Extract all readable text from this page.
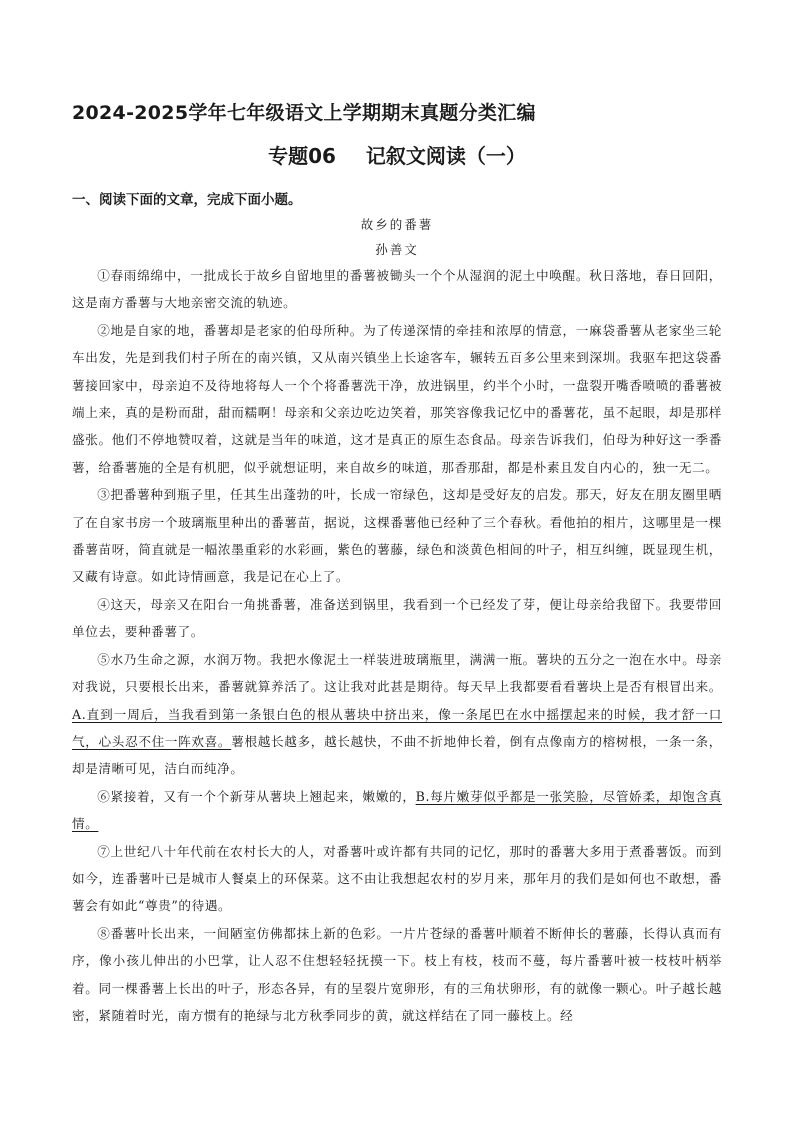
2024-2025学年七年级语文上学期期末真题分类汇编
专题06 记叙文阅读（一）
一、阅读下面的文章，完成下面小题。
故乡的番薯
孙善文

①春雨绵绵中，一批成长于故乡自留地里的番薯被锄头一个个从湿润的泥土中唤醒。秋日落地，春日回阳，这是南方番薯与大地亲密交流的轨迹。

②地是自家的地，番薯却是老家的伯母所种。为了传递深情的牵挂和浓厚的情意，一麻袋番薯从老家坐三轮车出发，先是到我们村子所在的南兴镇，又从南兴镇坐上长途客车，辗转五百多公里来到深圳。我驱车把这袋番薯接回家中，母亲迫不及待地将每人一个个将番薯洗干净，放进锅里，约半个小时，一盘裂开嘴香喷喷的番薯被端上来，真的是粉而甜，甜而糯啊！母亲和父亲边吃边笑着，那笑容像我记忆中的番薯花，虽不起眼，却是那样盛张。他们不停地赞叹着，这就是当年的味道，这才是真正的原生态食品。母亲告诉我们，伯母为种好这一季番薯，给番薯施的全是有机肥，似乎就想证明，来自故乡的味道，那香那甜，都是朴素且发自内心的，独一无二。

③把番薯种到瓶子里，任其生出蓬勃的叶，长成一帘绿色，这却是受好友的启发。那天，好友在朋友圈里晒了在自家书房一个玻璃瓶里种出的番薯苗，据说，这棵番薯他已经种了三个春秋。看他拍的相片，这哪里是一棵番薯苗呀，简直就是一幅浓墨重彩的水彩画，紫色的薯藤，绿色和淡黄色相间的叶子，相互纠缠，既显现生机，又藏有诗意。如此诗情画意，我是记在心上了。

④这天，母亲又在阳台一角挑番薯，准备送到锅里，我看到一个已经发了芽，便让母亲给我留下。我要带回单位去，要种番薯了。

⑤水乃生命之源，水润万物。我把水像泥土一样装进玻璃瓶里，满满一瓶。薯块的五分之一泡在水中。母亲对我说，只要根长出来，番薯就算养活了。这让我对此甚是期待。每天早上我都要看看薯块上是否有根冒出来。A.直到一周后，当我看到第一条银白色的根从薯块中挤出来，像一条尾巴在水中摇摆起来的时候，我才舒一口气，心头忍不住一阵欢喜。薯根越长越多，越长越快，不曲不折地伸长着，倒有点像南方的榕树根，一条一条，却是清晰可见，洁白而纯净。

⑥紧接着，又有一个个新芽从薯块上翘起来，嫩嫩的，B.每片嫩芽似乎都是一张笑脸，尽管娇柔，却饱含真情。

⑦上世纪八十年代前在农村长大的人，对番薯叶或许都有共同的记忆，那时的番薯大多用于煮番薯饭。而到如今，连番薯叶已是城市人餐桌上的环保菜。这不由让我想起农村的岁月来，那年月的我们是如何也不敢想，番薯会有如此“尊贵”的待遇。

⑧番薯叶长出来，一间陋室仿佛都抹上新的色彩。一片片苍绿的番薯叶顺着不断伸长的薯藤，长得认真而有序，像小孩儿伸出的小巴掌，让人忍不住想轻轻抚摸一下。枝上有枝，枝而不蔓，每片番薯叶被一枝枝叶柄举着。同一棵番薯上长出的叶子，形态各异，有的呈裂片宽卵形，有的三角状卵形，有的就像一颗心。叶子越长越密，紧随着时光，南方惯有的艳绿与北方秋季同步的黄，就这样结在了同一藤枝上。经
